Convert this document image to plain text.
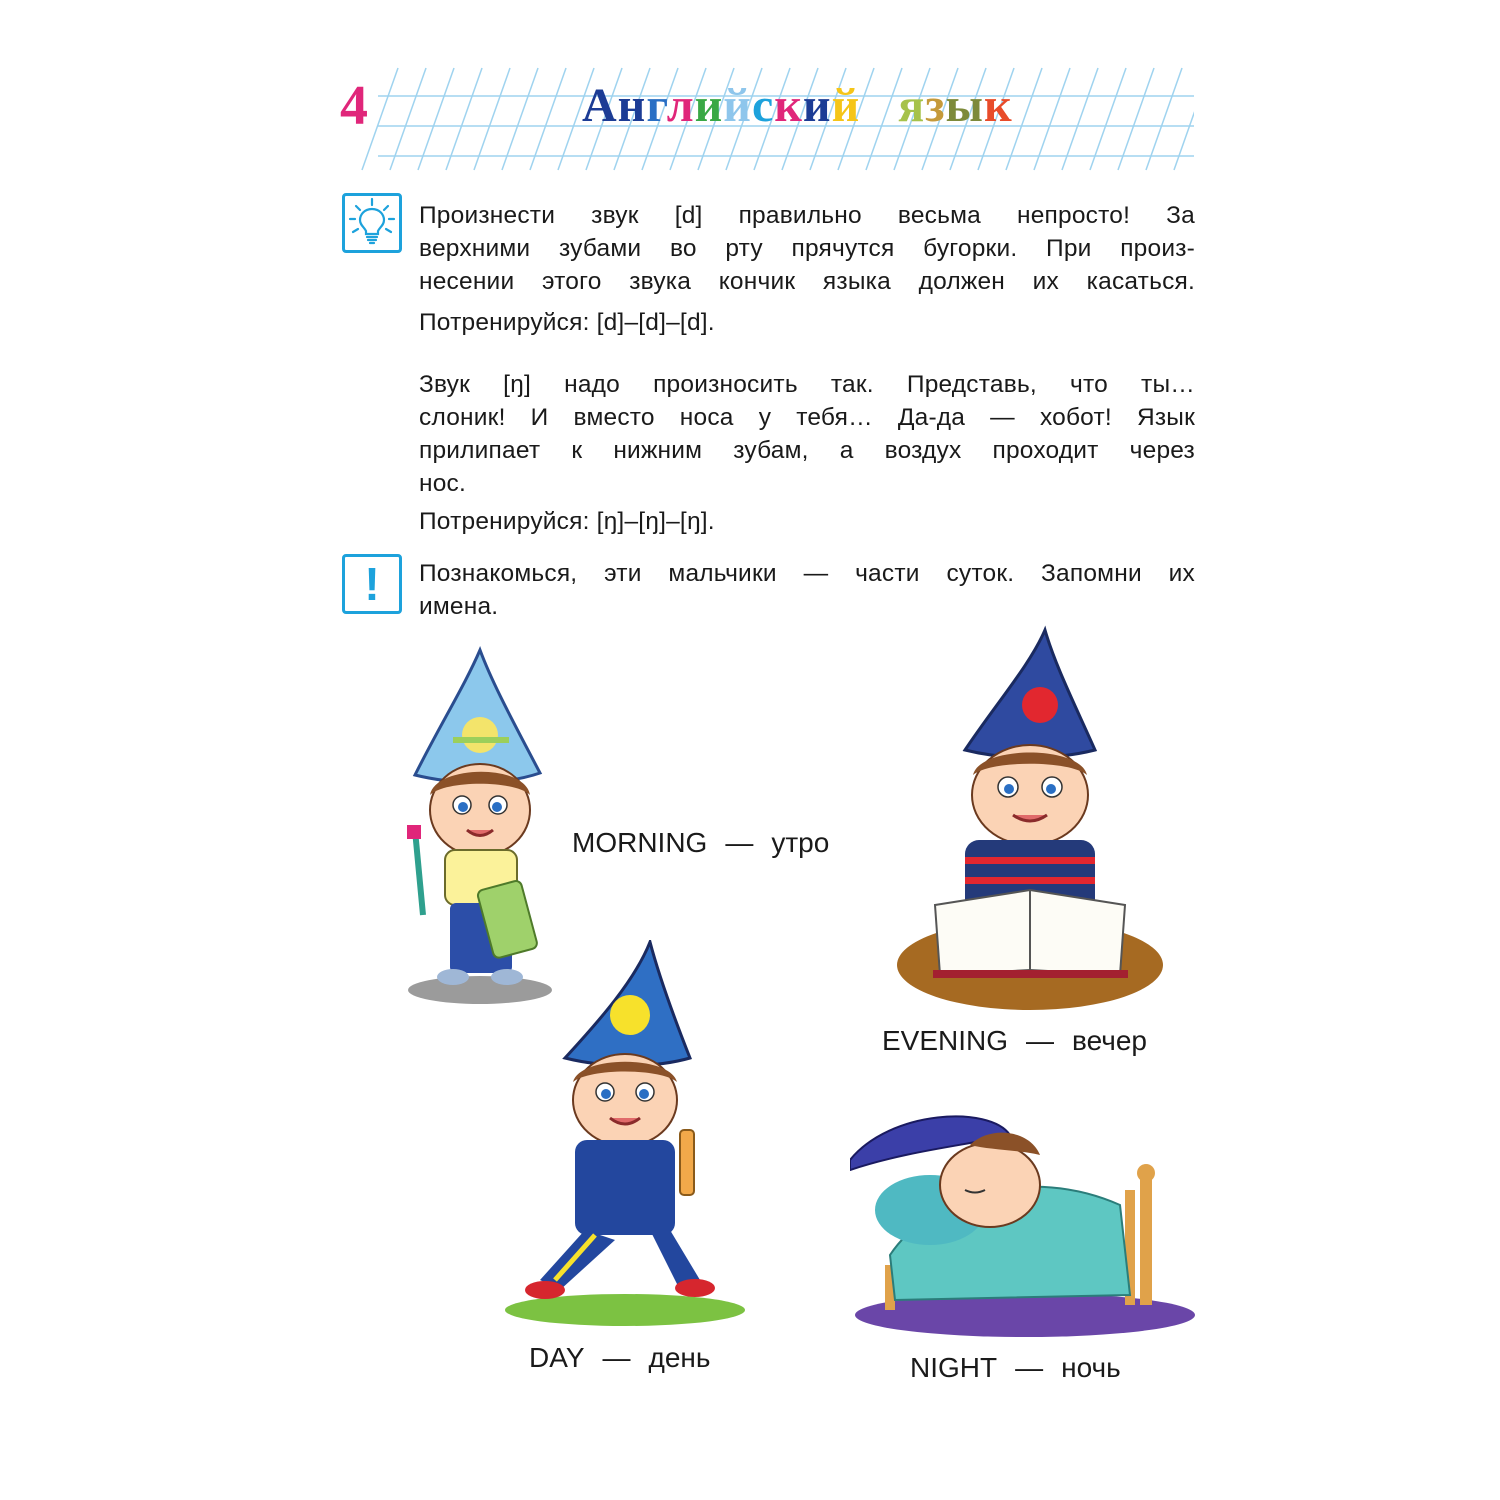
4	Английский язык
Произнести звук [d] правильно весьма непросто! За
верхними зубами во рту прячутся бугорки. При произ-
несении этого звука кончик языка должен их касаться.
Потренируйся: [d]–[d]–[d].
Звук [ŋ] надо произносить так. Представь, что ты…
слоник! И вместо носа у тебя… Да-да — хобот! Язык
прилипает к нижним зубам, а воздух проходит через
нос.
Потренируйся: [ŋ]–[ŋ]–[ŋ].
!	Познакомься, эти мальчики — части суток. Запомни их
имена.
MORNING — утро
EVENING — вечер
DAY — день	NIGHT — ночь
